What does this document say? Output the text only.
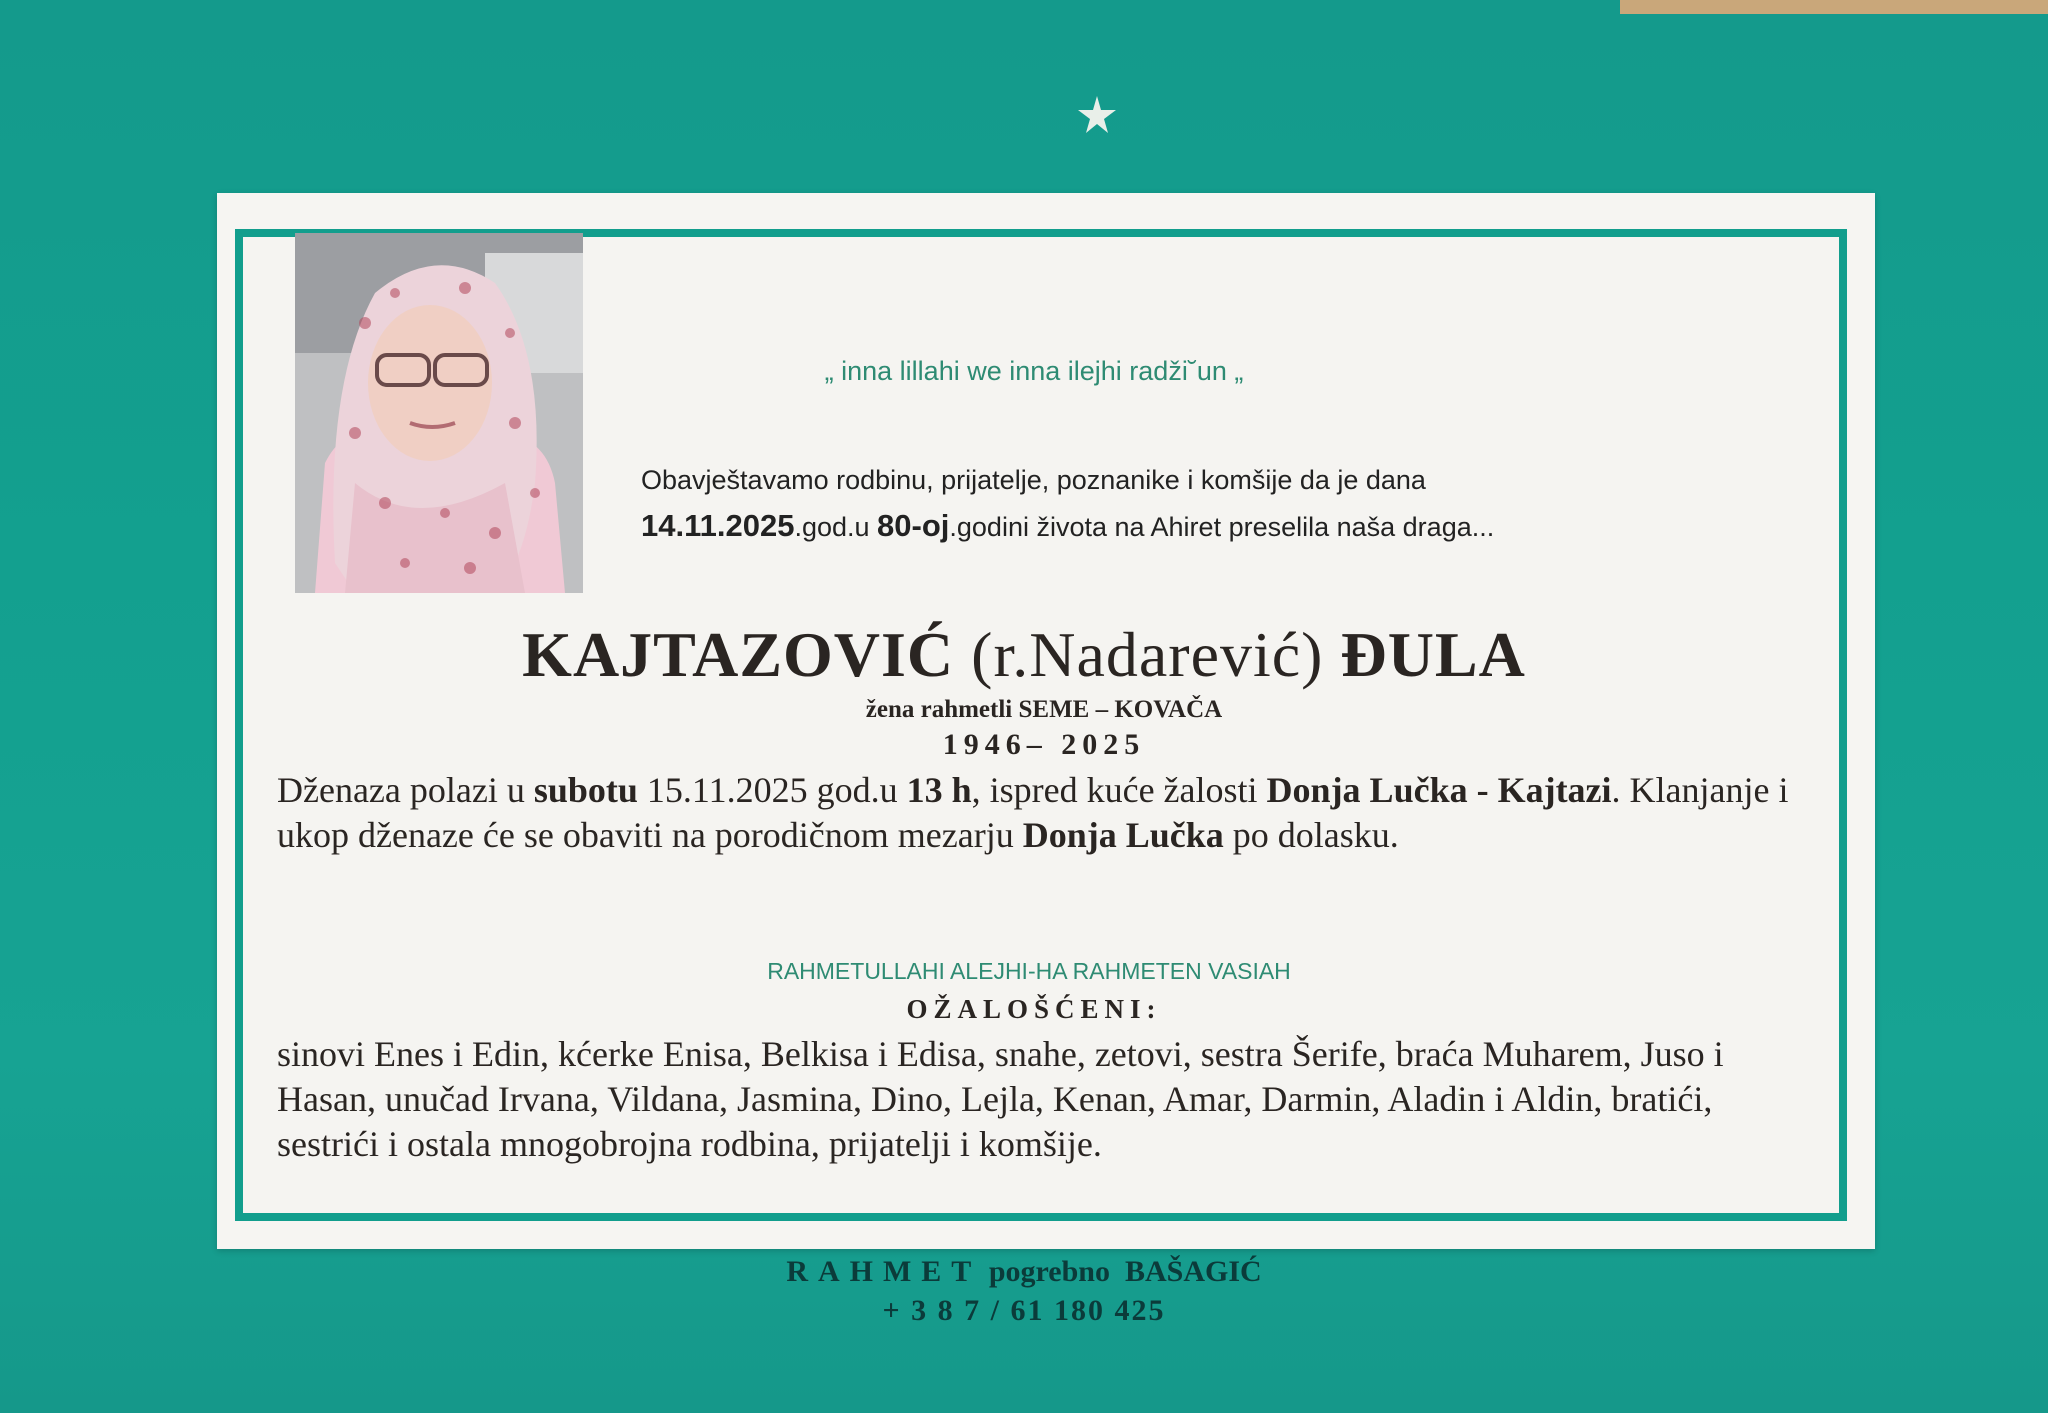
„ inna lillahi we inna ilejhi radži˘un „
Obavještavamo rodbinu, prijatelje, poznanike i komšije da je dana
14.11.2025.god.u 80-oj.godini života na Ahiret preselila naša draga...
KAJTAZOVIĆ (r.Nadarević) ĐULA
žena rahmetli SEME – KOVAČA
1946– 2025
Dženaza polazi u subotu 15.11.2025 god.u 13 h, ispred kuće žalosti Donja Lučka - Kajtazi. Klanjanje i ukop dženaze će se obaviti na porodičnom mezarju Donja Lučka po dolasku.
RAHMETULLAHI ALEJHI-HA RAHMETEN VASIAH
OŽALOŠĆENI:
sinovi Enes i Edin, kćerke Enisa, Belkisa i Edisa, snahe, zetovi, sestra Šerife, braća Muharem, Juso i Hasan, unučad Irvana, Vildana, Jasmina, Dino, Lejla, Kenan, Amar, Darmin, Aladin i Aldin, bratići, sestrići i ostala mnogobrojna rodbina, prijatelji i komšije.
RAHMET pogrebno BAŠAGIĆ
+ 3 8 7 / 61 180 425
